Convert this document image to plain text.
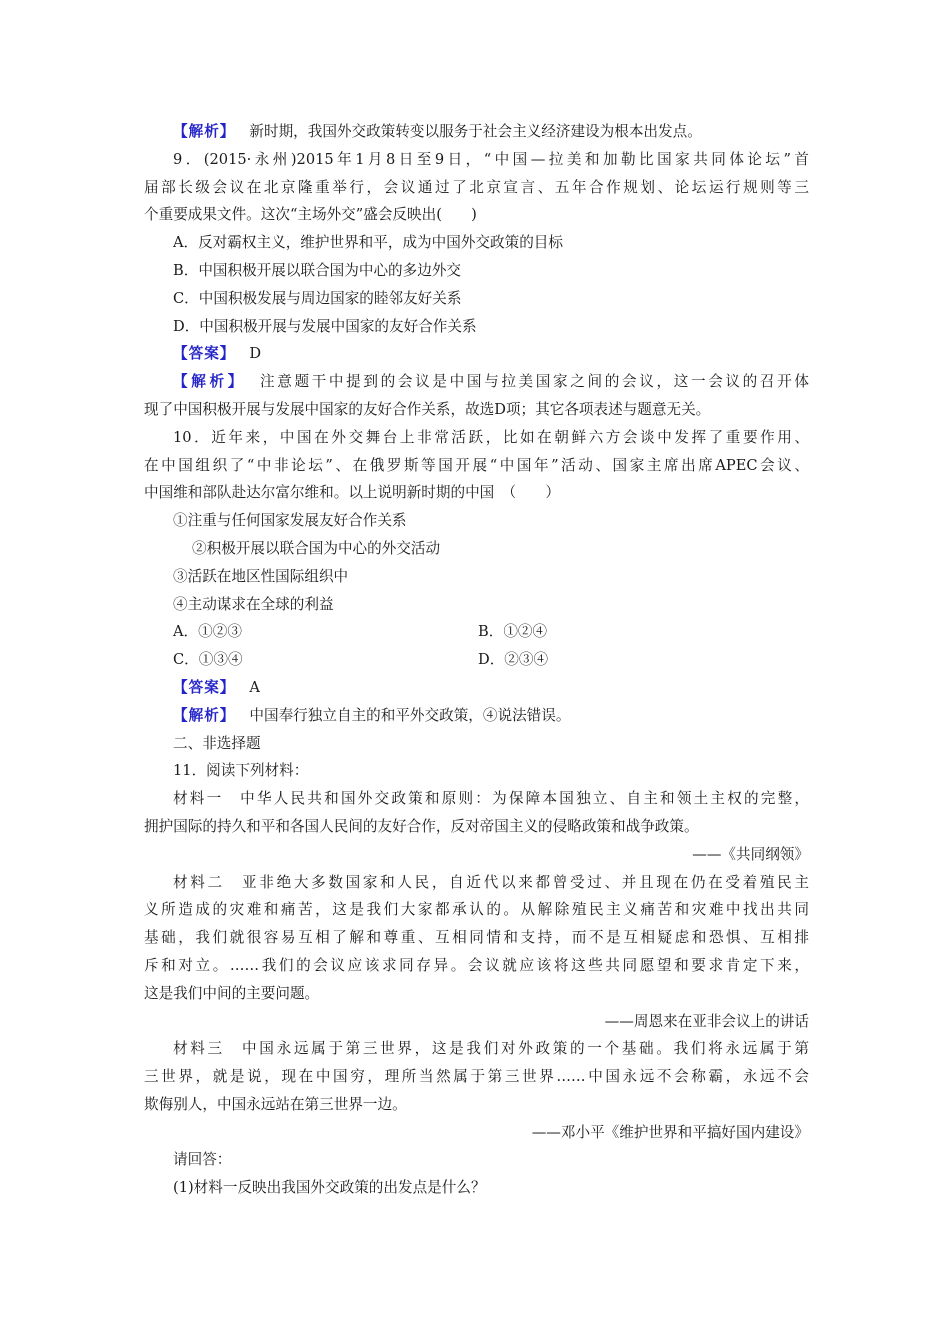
【解析】 新时期，我国外交政策转变以服务于社会主义经济建设为根本出发点。
9．(2015·永州)2015年1月8日至9日，“中国—拉美和加勒比国家共同体论坛”首
届部长级会议在北京隆重举行，会议通过了北京宣言、五年合作规划、论坛运行规则等三
个重要成果文件。这次“主场外交”盛会反映出(　　)
A．反对霸权主义，维护世界和平，成为中国外交政策的目标
B．中国积极开展以联合国为中心的多边外交
C．中国积极发展与周边国家的睦邻友好关系
D．中国积极开展与发展中国家的友好合作关系
【答案】 D
【解析】 注意题干中提到的会议是中国与拉美国家之间的会议，这一会议的召开体
现了中国积极开展与发展中国家的友好合作关系，故选D项；其它各项表述与题意无关。
10．近年来，中国在外交舞台上非常活跃，比如在朝鲜六方会谈中发挥了重要作用、
在中国组织了“中非论坛”、在俄罗斯等国开展“中国年”活动、国家主席出席APEC会议、
中国维和部队赴达尔富尔维和。以上说明新时期的中国　（　　）
①注重与任何国家发展友好合作关系
②积极开展以联合国为中心的外交活动
③活跃在地区性国际组织中
④主动谋求在全球的利益
A．①②③	B．①②④
C．①③④	D．②③④
【答案】 A
【解析】 中国奉行独立自主的和平外交政策，④说法错误。
二、非选择题
11．阅读下列材料：
材料一　中华人民共和国外交政策和原则：为保障本国独立、自主和领土主权的完整，
拥护国际的持久和平和各国人民间的友好合作，反对帝国主义的侵略政策和战争政策。
——《共同纲领》
材料二　亚非绝大多数国家和人民，自近代以来都曾受过、并且现在仍在受着殖民主
义所造成的灾难和痛苦，这是我们大家都承认的。从解除殖民主义痛苦和灾难中找出共同
基础，我们就很容易互相了解和尊重、互相同情和支持，而不是互相疑虑和恐惧、互相排
斥和对立。……我们的会议应该求同存异。会议就应该将这些共同愿望和要求肯定下来，
这是我们中间的主要问题。
——周恩来在亚非会议上的讲话
材料三　中国永远属于第三世界，这是我们对外政策的一个基础。我们将永远属于第
三世界，就是说，现在中国穷，理所当然属于第三世界……中国永远不会称霸，永远不会
欺侮别人，中国永远站在第三世界一边。
——邓小平《维护世界和平搞好国内建设》
请回答：
(1)材料一反映出我国外交政策的出发点是什么？
